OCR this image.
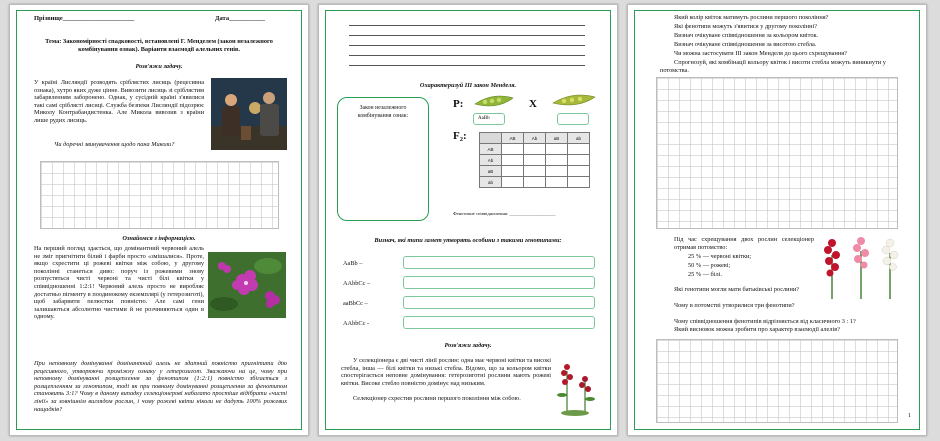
Прізвище______________________	Дата___________
Тема: Закономірності спадковості, встановлені Г. Менделем (закон незалежного комбінування ознак). Варіанти взаємодії алельних генів.
Розв'яжи задачу.
У країні Лисляндії розводять сріблястих лисиць (рецесивна ознака), хутро яких дуже цінне. Вивозити лисиць зі сріблястим забарвленням заборонено. Однак, у сусідній країні з'явилися такі самі сріблясті лисиці. Служба безпеки Лисляндії підозрює Миколу Контрабандистенка. Але Микола вивозив з країни лише рудих лисиць.
Чи доречні звинувачення щодо пана Миколи?
Ознайомся з інформацією.
На перший погляд здається, що домінантний червоний алель не зміг пригнітити білий і фарби просто «змішалися». Проте, якщо схрестити ці рожеві квітки між собою, у другому поколінні станеться диво: поруч із рожевими знову розпустяться чисті червоні та чисті білі квітки у співвідношенні 1:2:1! Червоний алель просто не виробляє достатньо пігменту в поодинокому екземплярі (у гетерозиготі), щоб забарвити пелюстки повністю. Але самі гени залишаються абсолютно чистими й не розчиняються один в одному.
При неповному домінуванні домінантний алель не здатний повністю пригнітити дію рецесивного, утворюючи проміжну ознаку у гетерозигот. Зважаючи на це, чому при неповному домінуванні розщеплення за фенотипом (1:2:1) повністю збігається з розщепленням за генотипом, тоді як при повному домінуванні розщеплення за фенотипом становить 3:1? Чому в даному випадку селекціонерові набагато простіше відібрати «чисті лінії» за зовнішнім виглядом рослин, і чому рожеві квіти ніколи не дадуть 100% рожевих нащадків?
Охарактеризуй ІІІ закон Менделя.
Закон незалежного комбінування ознак:
P:	X
AaBb
F₂:
		AB	Ab	aB	ab
AB				
Ab				
aB				
ab				
Фенотипне співвідношення: ____________________
Визнач, які типи гамет утворять особини з такими генотипами:
AaBb –
AAbbCc –
aaBbCc –
AAbbCc -
Розв'яжи задачу.
У селекціонера є дві чисті лінії рослин: одна має червоні квітки та високі стебла, інша — білі квітки та низькі стебла. Відомо, що за кольором квітки спостерігається неповне домінування: гетерозиготні рослини мають рожеві квітки. Високе стебло повністю домінує над низьким.
Селекціонер схрестив рослини першого покоління між собою.
Який колір квіток матимуть рослини першого покоління?
Які фенотипи можуть з'явитися у другому поколінні?
Визнач очікуване співвідношення за кольором квіток.
Визнач очікуване співвідношення за висотою стебла.
Чи можна застосувати ІІІ закон Менделя до цього схрещування?
Спрогнозуй, які комбінації кольору квіток і висоти стебла можуть виникнути у потомства.
Під час схрещування двох рослин селекціонер отримав потомство:
25 % — червоні квітки;
50 % — рожеві;
25 % — білі.
Які генотипи могли мати батьківські рослини?
Чому в потомстві утворилися три фенотипи?
Чому співвідношення фенотипів відрізняється від класичного 3 : 1?
Який висновок можна зробити про характер взаємодії алелів?
1
